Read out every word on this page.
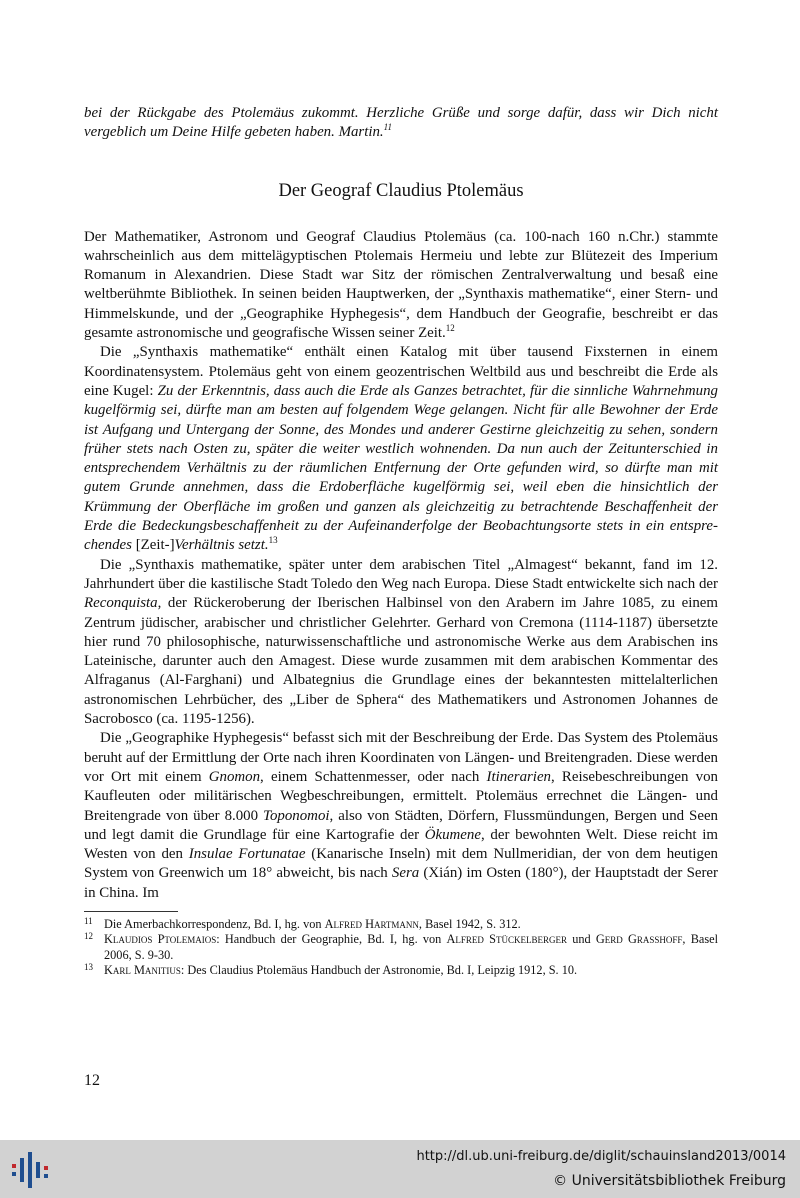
bei der Rückgabe des Ptolemäus zukommt. Herzliche Grüße und sorge dafür, dass wir Dich nicht vergeblich um Deine Hilfe gebeten haben. Martin.$^{11}$

Der Geograf Claudius Ptolemäus

Der Mathematiker, Astronom und Geograf Claudius Ptolemäus (ca. 100-nach 160 n.Chr.) stammte wahrscheinlich aus dem mittelägyptischen Ptolemais Hermeiu und lebte zur Blütezeit des Imperium Romanum in Alexandrien. Diese Stadt war Sitz der römischen Zentralverwaltung und besaß eine weltberühmte Bibliothek. In seinen beiden Hauptwerken, der „Synthaxis mathematike“, einer Stern- und Himmelskunde, und der „Geographike Hyphegesis“, dem Handbuch der Geografie, beschreibt er das gesamte astronomische und geografische Wissen seiner Zeit.$^{12}$

Die „Synthaxis mathematike“ enthält einen Katalog mit über tausend Fixsternen in einem Koordinatensystem. Ptolemäus geht von einem geozentrischen Weltbild aus und beschreibt die Erde als eine Kugel: Zu der Erkenntnis, dass auch die Erde als Ganzes betrachtet, für die sinnliche Wahrnehmung kugelförmig sei, dürfte man am besten auf folgendem Wege gelangen. Nicht für alle Bewohner der Erde ist Aufgang und Untergang der Sonne, des Mondes und anderer Gestirne gleichzeitig zu sehen, sondern früher stets nach Osten zu, später die weiter westlich wohnenden. Da nun auch der Zeitunterschied in entsprechendem Verhältnis zu der räumlichen Entfernung der Orte gefunden wird, so dürfte man mit gutem Grunde annehmen, dass die Erdoberfläche kugelförmig sei, weil eben die hinsichtlich der Krümmung der Oberfläche im großen und ganzen als gleichzeitig zu betrachtende Beschaffenheit der Erde die Bedeckungsbeschaffenheit zu der Aufeinanderfolge der Beobachtungsorte stets in ein entsprechendes [Zeit-]Verhältnis setzt.$^{13}$

Die „Synthaxis mathematike, später unter dem arabischen Titel „Almagest“ bekannt, fand im 12. Jahrhundert über die kastilische Stadt Toledo den Weg nach Europa. Diese Stadt entwickelte sich nach der Reconquista, der Rückeroberung der Iberischen Halbinsel von den Arabern im Jahre 1085, zu einem Zentrum jüdischer, arabischer und christlicher Gelehrter. Gerhard von Cremona (1114-1187) übersetzte hier rund 70 philosophische, naturwissenschaftliche und astronomische Werke aus dem Arabischen ins Lateinische, darunter auch den Amagest. Diese wurde zusammen mit dem arabischen Kommentar des Alfraganus (Al-Farghani) und Albategnius die Grundlage eines der bekanntesten mittelalterlichen astronomischen Lehrbücher, des „Liber de Sphera“ des Mathematikers und Astronomen Johannes de Sacrobosco (ca. 1195-1256).

Die „Geographike Hyphegesis“ befasst sich mit der Beschreibung der Erde. Das System des Ptolemäus beruht auf der Ermittlung der Orte nach ihren Koordinaten von Längen- und Breitengraden. Diese werden vor Ort mit einem Gnomon, einem Schattenmesser, oder nach Itinerarien, Reisebeschreibungen von Kaufleuten oder militärischen Wegbeschreibungen, ermittelt. Ptolemäus errechnet die Längen- und Breitengrade von über 8.000 Toponomoi, also von Städten, Dörfern, Flussmündungen, Bergen und Seen und legt damit die Grundlage für eine Kartografie der Ökumene, der bewohnten Welt. Diese reicht im Westen von den Insulae Fortunatae (Kanarische Inseln) mit dem Nullmeridian, der von dem heutigen System von Greenwich um 18° abweicht, bis nach Sera (Xián) im Osten (180°), der Hauptstadt der Serer in China. Im

11 Die Amerbachkorrespondenz, Bd. I, hg. von Alfred Hartmann, Basel 1942, S. 312.
12 Klaudios Ptolemaios: Handbuch der Geographie, Bd. I, hg. von Alfred Stückelberger und Gerd Grasshoff, Basel 2006, S. 9-30.
13 Karl Manitius: Des Claudius Ptolemäus Handbuch der Astronomie, Bd. I, Leipzig 1912, S. 10.
12
http://dl.ub.uni-freiburg.de/diglit/schauinsland2013/0014
© Universitätsbibliothek Freiburg
